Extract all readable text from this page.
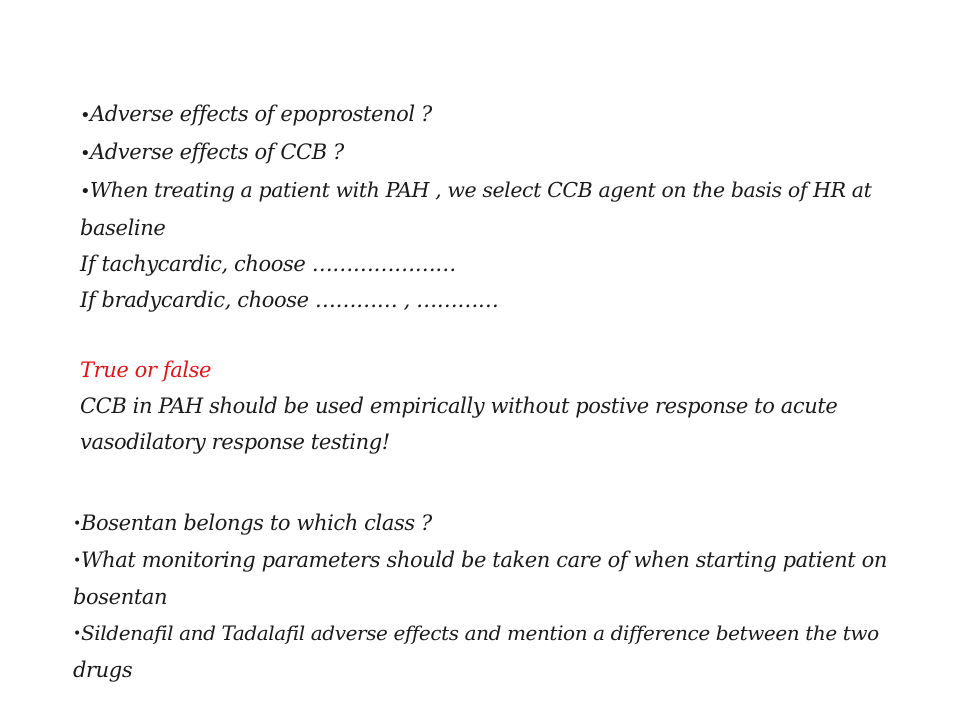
•Adverse effects of epoprostenol ?
•Adverse effects of CCB ?
•When treating a patient with PAH , we select CCB agent on the basis of HR at
baseline
If tachycardic, choose …………………
If bradycardic, choose ………… , …………
True or false
CCB in PAH should be used empirically without postive response to acute
vasodilatory response testing!
•Bosentan belongs to which class ?
•What monitoring parameters should be taken care of when starting patient on
bosentan
•Sildenafil and Tadalafil adverse effects and mention a difference between the two
drugs
